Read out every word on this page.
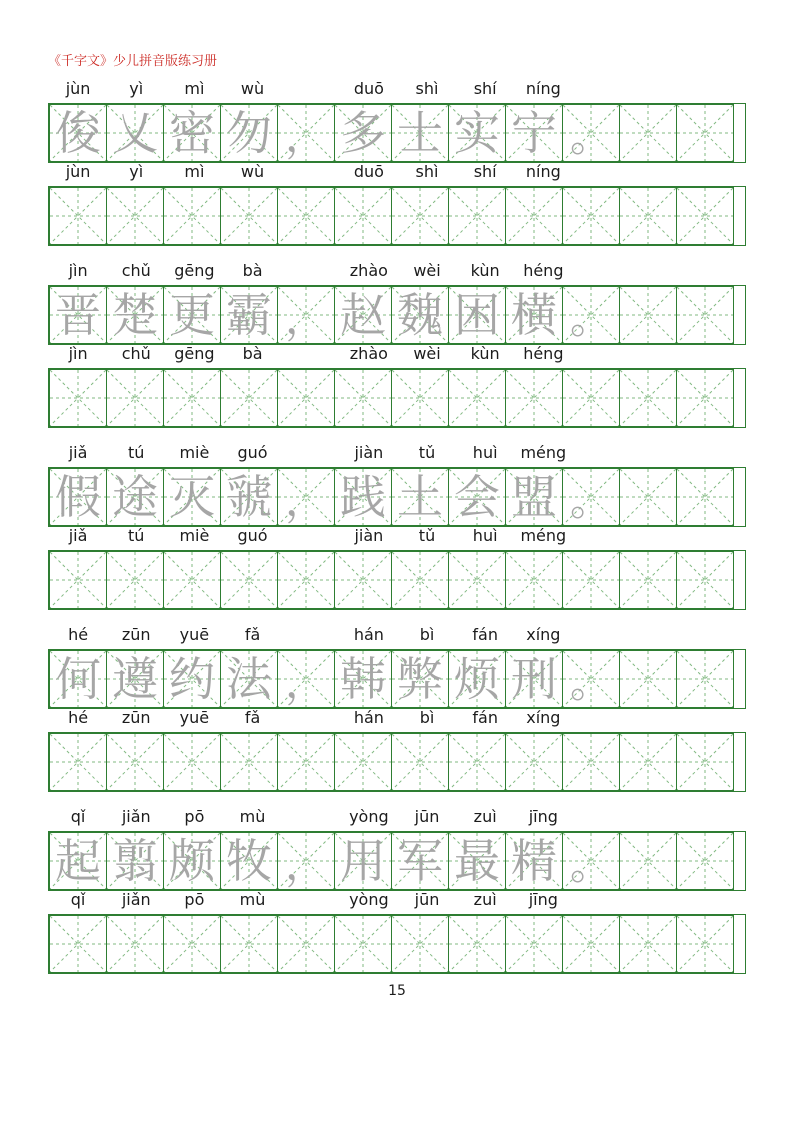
《千字文》少儿拼音版练习册
jùn	yì	mì	wù	duō	shì	shí	níng
俊 乂 密 勿 ， 多 士 实 宁 。
jùn	yì	mì	wù	duō	shì	shí	níng
jìn	chǔ	gēng	bà	zhào	wèi	kùn	héng
晋 楚 更 霸 ， 赵 魏 困 横 。
jìn	chǔ	gēng	bà	zhào	wèi	kùn	héng
jiǎ	tú	miè	guó	jiàn	tǔ	huì	méng
假 途 灭 虢 ， 践 土 会 盟 。
jiǎ	tú	miè	guó	jiàn	tǔ	huì	méng
hé	zūn	yuē	fǎ	hán	bì	fán	xíng
何 遵 约 法 ， 韩 弊 烦 刑 。
hé	zūn	yuē	fǎ	hán	bì	fán	xíng
qǐ	jiǎn	pō	mù	yòng	jūn	zuì	jīng
起 翦 颇 牧 ， 用 军 最 精 。
qǐ	jiǎn	pō	mù	yòng	jūn	zuì	jīng
15
